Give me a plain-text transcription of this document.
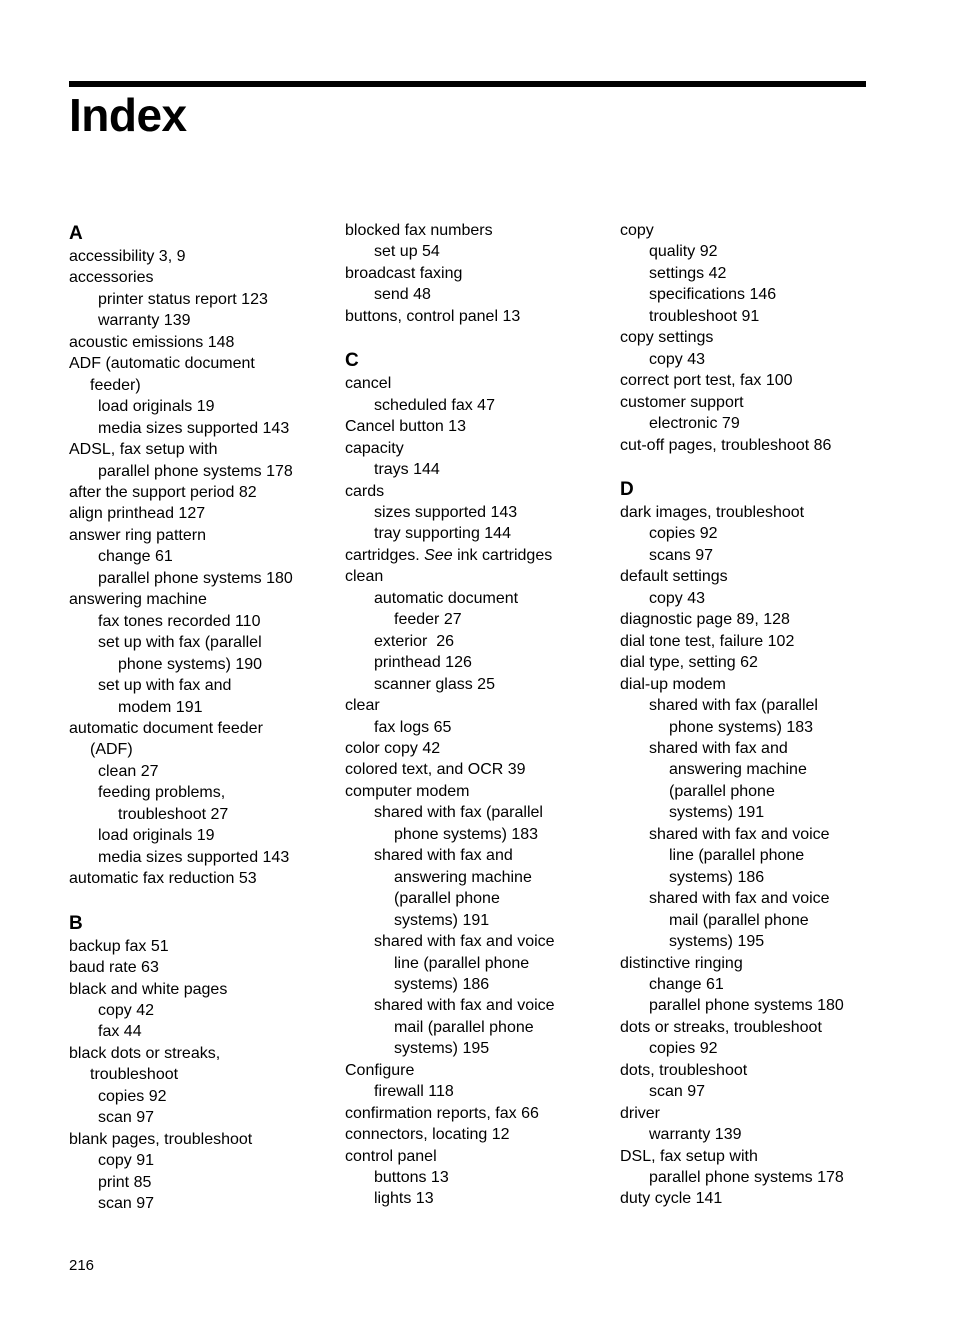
Index
A
accessibility 3, 9
accessories
printer status report 123
warranty 139
acoustic emissions 148
ADF (automatic document
feeder)
load originals 19
media sizes supported 143
ADSL, fax setup with
parallel phone systems 178
after the support period 82
align printhead 127
answer ring pattern
change 61
parallel phone systems 180
answering machine
fax tones recorded 110
set up with fax (parallel
phone systems) 190
set up with fax and
modem 191
automatic document feeder
(ADF)
clean 27
feeding problems,
troubleshoot 27
load originals 19
media sizes supported 143
automatic fax reduction 53
B
backup fax 51
baud rate 63
black and white pages
copy 42
fax 44
black dots or streaks,
troubleshoot
copies 92
scan 97
blank pages, troubleshoot
copy 91
print 85
scan 97
blocked fax numbers
set up 54
broadcast faxing
send 48
buttons, control panel 13
C
cancel
scheduled fax 47
Cancel button 13
capacity
trays 144
cards
sizes supported 143
tray supporting 144
cartridges. See ink cartridges
clean
automatic document
feeder 27
exterior  26
printhead 126
scanner glass 25
clear
fax logs 65
color copy 42
colored text, and OCR 39
computer modem
shared with fax (parallel
phone systems) 183
shared with fax and
answering machine
(parallel phone
systems) 191
shared with fax and voice
line (parallel phone
systems) 186
shared with fax and voice
mail (parallel phone
systems) 195
Configure
firewall 118
confirmation reports, fax 66
connectors, locating 12
control panel
buttons 13
lights 13
copy
quality 92
settings 42
specifications 146
troubleshoot 91
copy settings
copy 43
correct port test, fax 100
customer support
electronic 79
cut-off pages, troubleshoot 86
D
dark images, troubleshoot
copies 92
scans 97
default settings
copy 43
diagnostic page 89, 128
dial tone test, failure 102
dial type, setting 62
dial-up modem
shared with fax (parallel
phone systems) 183
shared with fax and
answering machine
(parallel phone
systems) 191
shared with fax and voice
line (parallel phone
systems) 186
shared with fax and voice
mail (parallel phone
systems) 195
distinctive ringing
change 61
parallel phone systems 180
dots or streaks, troubleshoot
copies 92
dots, troubleshoot
scan 97
driver
warranty 139
DSL, fax setup with
parallel phone systems 178
duty cycle 141
216
